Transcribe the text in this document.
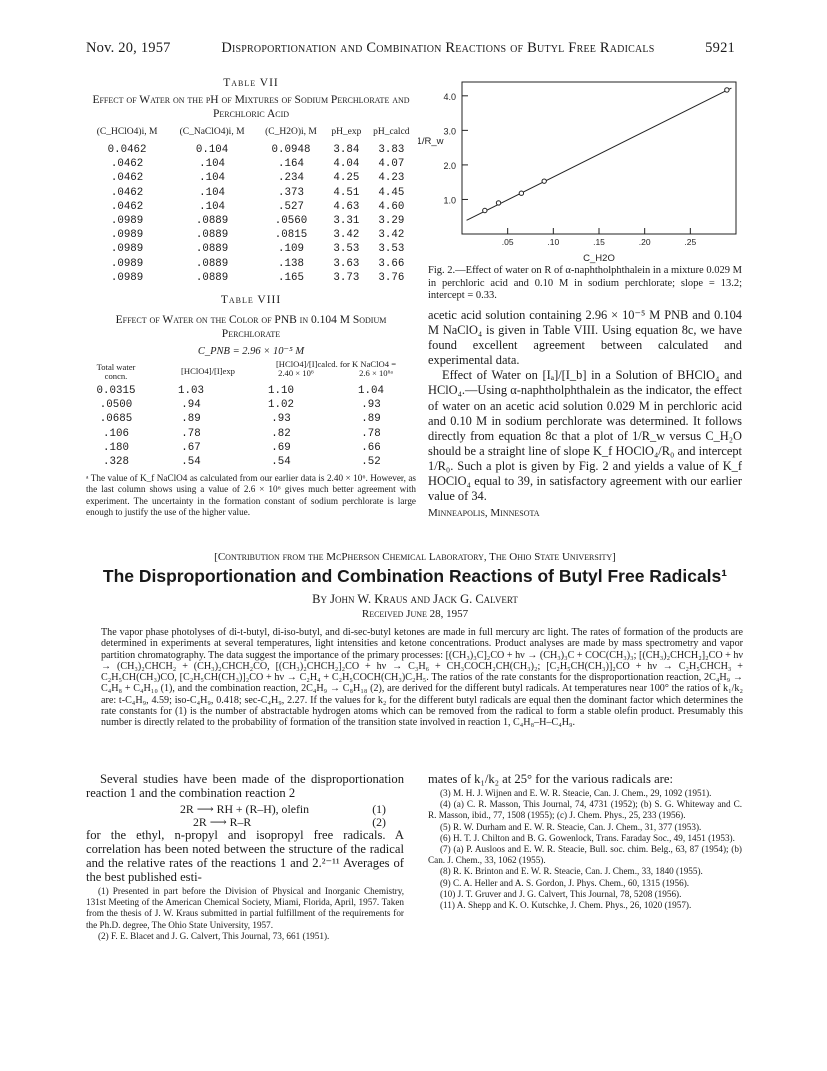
Nov. 20, 1957	Disproportionation and Combination Reactions of Butyl Free Radicals	5921
Table VII
Effect of Water on the pH of Mixtures of Sodium Perchlorate and Perchloric Acid
(C_HClO4)i, M	(C_NaClO4)i, M	(C_H2O)i, M	pH_exp	pH_calcd
0.0462	0.104	0.0948	3.84	3.83
.0462	.104	.164	4.04	4.07
.0462	.104	.234	4.25	4.23
.0462	.104	.373	4.51	4.45
.0462	.104	.527	4.63	4.60
.0989	.0889	.0560	3.31	3.29
.0989	.0889	.0815	3.42	3.42
.0989	.0889	.109	3.53	3.53
.0989	.0889	.138	3.63	3.66
.0989	.0889	.165	3.73	3.76
Table VIII
Effect of Water on the Color of PNB in 0.104 M Sodium Perchlorate
C_PNB = 2.96 × 10⁻⁵ M
Total water concn.	[HClO4]/[I]exp
[HClO4]/[I]calcd. for K NaClO4 =
2.40 × 10⁶	2.6 × 10⁶ᵃ
0.0315	1.03	1.10	1.04
.0500	.94	1.02	.93
.0685	.89	.93	.89
.106	.78	.82	.78
.180	.67	.69	.66
.328	.54	.54	.52
ᵃ The value of K_f NaClO4 as calculated from our earlier data is 2.40 × 10⁶. However, as the last column shows using a value of 2.6 × 10⁶ gives much better agreement with experiment. The uncertainty in the formation constant of sodium perchlorate is large enough to justify the use of the higher value.
1.0
2.0
3.0
4.0
.05	.10	.15	.20	.25
C_H2O
1/R_w
Fig. 2.—Effect of water on R of α-naphtholphthalein in a mixture 0.029 M in perchloric acid and 0.10 M in sodium perchlorate; slope = 13.2; intercept = 0.33.

acetic acid solution containing 2.96 × 10⁻⁵ M PNB and 0.104 M NaClO₄ is given in Table VIII. Using equation 8c, we have found excellent agreement between calculated and experimental data.

Effect of Water on [Iₐ]/[I_b] in a Solution of BHClO₄ and HClO₄.—Using α-naphtholphthalein as the indicator, the effect of water on an acetic acid solution 0.029 M in perchloric acid and 0.10 M in sodium perchlorate was determined. It follows directly from equation 8c that a plot of 1/R_w versus C_H₂O should be a straight line of slope K_f HOClO₄/R₀ and intercept 1/R₀. Such a plot is given by Fig. 2 and yields a value of K_f HOClO₄ equal to 39, in satisfactory agreement with our earlier value of 34.

Minneapolis, Minnesota
[Contribution from the McPherson Chemical Laboratory, The Ohio State University]
The Disproportionation and Combination Reactions of Butyl Free Radicals¹
By John W. Kraus and Jack G. Calvert
Received June 28, 1957
The vapor phase photolyses of di-t-butyl, di-iso-butyl, and di-sec-butyl ketones are made in full mercury arc light. The rates of formation of the products are determined in experiments at several temperatures, light intensities and ketone concentrations. Product analyses are made by mass spectrometry and vapor partition chromatography. The data suggest the importance of the primary processes: [(CH₃)₃C]₂CO + hν → (CH₃)₃C + COC(CH₃)₃; [(CH₃)₂CHCH₂]₂CO + hν → (CH₃)₂CHCH₂ + (CH₃)₂CHCH₂CO, [(CH₃)₂CHCH₂]₂CO + hν → C₃H₆ + CH₃COCH₂CH(CH₃)₂; [C₂H₅CH(CH₃)]₂CO + hν → C₂H₅CHCH₃ + C₂H₅CH(CH₃)CO, [C₂H₅CH(CH₃)]₂CO + hν → C₂H₄ + C₂H₅COCH(CH₃)C₂H₅. The ratios of the rate constants for the disproportionation reaction, 2C₄H₉ → C₄H₈ + C₄H₁₀ (1), and the combination reaction, 2C₄H₉ → C₈H₁₈ (2), are derived for the different butyl radicals. At temperatures near 100° the ratios of k₁/k₂ are: t-C₄H₉, 4.59; iso-C₄H₉, 0.418; sec-C₄H₉, 2.27. If the values for k₂ for the different butyl radicals are equal then the dominant factor which determines the rate constants for (1) is the number of abstractable hydrogen atoms which can be removed from the radical to form a stable olefin product. Presumably this number is directly related to the probability of formation of the transition state involved in reaction 1, C₄H₈–H–C₄H₉.

Several studies have been made of the disproportionation reaction 1 and the combination reaction 2

2R ⟶ RH + (R–H), olefin	(1)
2R ⟶ R–R	(2)

for the ethyl, n-propyl and isopropyl free radicals. A correlation has been noted between the structure of the radical and the relative rates of the reactions 1 and 2.²⁻¹¹ Averages of the best published esti-

(1) Presented in part before the Division of Physical and Inorganic Chemistry, 131st Meeting of the American Chemical Society, Miami, Florida, April, 1957. Taken from the thesis of J. W. Kraus submitted in partial fulfillment of the requirements for the Ph.D. degree, The Ohio State University, 1957.
(2) F. E. Blacet and J. G. Calvert, This Journal, 73, 661 (1951).

mates of k₁/k₂ at 25° for the various radicals are:

(3) M. H. J. Wijnen and E. W. R. Steacie, Can. J. Chem., 29, 1092 (1951).
(4) (a) C. R. Masson, This Journal, 74, 4731 (1952); (b) S. G. Whiteway and C. R. Masson, ibid., 77, 1508 (1955); (c) J. Chem. Phys., 25, 233 (1956).
(5) R. W. Durham and E. W. R. Steacie, Can. J. Chem., 31, 377 (1953).
(6) H. T. J. Chilton and B. G. Gowenlock, Trans. Faraday Soc., 49, 1451 (1953).
(7) (a) P. Ausloos and E. W. R. Steacie, Bull. soc. chim. Belg., 63, 87 (1954); (b) Can. J. Chem., 33, 1062 (1955).
(8) R. K. Brinton and E. W. R. Steacie, Can. J. Chem., 33, 1840 (1955).
(9) C. A. Heller and A. S. Gordon, J. Phys. Chem., 60, 1315 (1956).
(10) J. T. Gruver and J. G. Calvert, This Journal, 78, 5208 (1956).
(11) A. Shepp and K. O. Kutschke, J. Chem. Phys., 26, 1020 (1957).
